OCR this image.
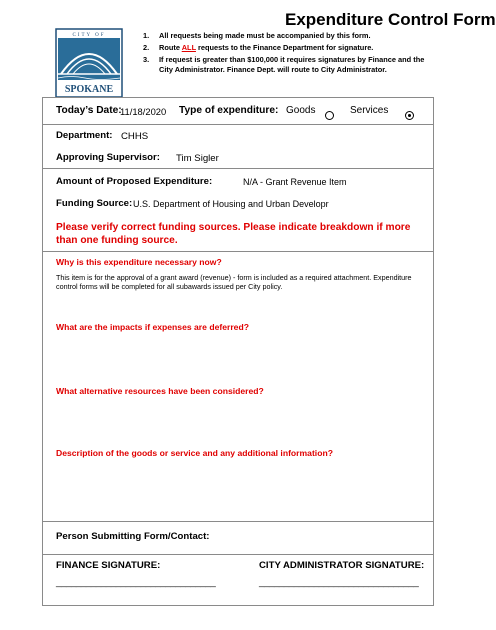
Expenditure Control Form
CITY OF
SPOKANE
1. All requests being made must be accompanied by this form.
2. Route ALL requests to the Finance Department for signature.
3. If request is greater than $100,000 it requires signatures by Finance and the City Administrator. Finance Dept. will route to City Administrator.
Today’s Date:
11/18/2020 Type of expenditure: Goods
	Services
Department: CHHS
Approving Supervisor: Tim Sigler
Amount of Proposed Expenditure:	N/A - Grant Revenue Item
Funding Source: U.S. Department of Housing and Urban Developr
Please verify correct funding sources. Please indicate breakdown if more than one funding source.
Why is this expenditure necessary now?
This item is for the approval of a grant award (revenue) - form is included as a required attachment. Expenditure control forms will be completed for all subawards issued per City policy.
What are the impacts if expenses are deferred?
What alternative resources have been considered?
Description of the goods or service and any additional information?
Person Submitting Form/Contact:
FINANCE SIGNATURE:
________________________________
CITY ADMINISTRATOR SIGNATURE:
________________________________
